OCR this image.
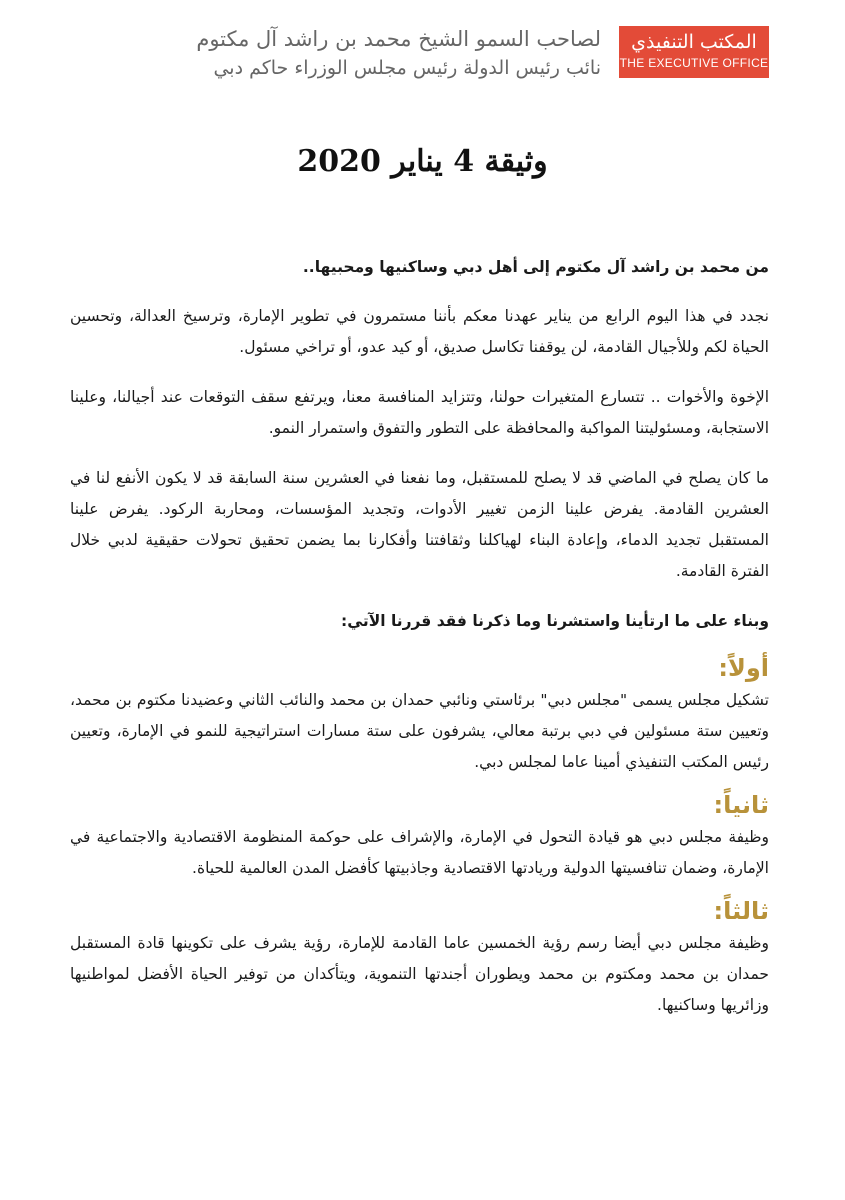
المكتب التنفيذي
THE EXECUTIVE OFFICE
لصاحب السمو الشيخ محمد بن راشد آل مكتوم
نائب رئيس الدولة رئيس مجلس الوزراء حاكم دبي
وثيقة 4 يناير 2020

من محمد بن راشد آل مكتوم إلى أهل دبي وساكنيها ومحبيها..

نجدد في هذا اليوم الرابع من يناير عهدنا معكم بأننا مستمرون في تطوير الإمارة، وترسيخ العدالة، وتحسين الحياة لكم وللأجيال القادمة، لن يوقفنا تكاسل صديق، أو كيد عدو، أو تراخي مسئول.

الإخوة والأخوات .. تتسارع المتغيرات حولنا، وتتزايد المنافسة معنا، ويرتفع سقف التوقعات عند أجيالنا، وعلينا الاستجابة، ومسئوليتنا المواكبة والمحافظة على التطور والتفوق واستمرار النمو.

ما كان يصلح في الماضي قد لا يصلح للمستقبل، وما نفعنا في العشرين سنة السابقة قد لا يكون الأنفع لنا في العشرين القادمة. يفرض علينا الزمن تغيير الأدوات، وتجديد المؤسسات، ومحاربة الركود. يفرض علينا المستقبل تجديد الدماء، وإعادة البناء لهياكلنا وثقافتنا وأفكارنا بما يضمن تحقيق تحولات حقيقية لدبي خلال الفترة القادمة.

وبناء على ما ارتأينا واستشرنا وما ذكرنا فقد قررنا الآتي:

أولاً:

تشكيل مجلس يسمى "مجلس دبي" برئاستي ونائبي حمدان بن محمد والنائب الثاني وعضيدنا مكتوم بن محمد، وتعيين ستة مسئولين في دبي برتبة معالي، يشرفون على ستة مسارات استراتيجية للنمو في الإمارة، وتعيين رئيس المكتب التنفيذي أمينا عاما لمجلس دبي.

ثانياً:

وظيفة مجلس دبي هو قيادة التحول في الإمارة، والإشراف على حوكمة المنظومة الاقتصادية والاجتماعية في الإمارة، وضمان تنافسيتها الدولية وريادتها الاقتصادية وجاذبيتها كأفضل المدن العالمية للحياة.

ثالثاً:

وظيفة مجلس دبي أيضا رسم رؤية الخمسين عاما القادمة للإمارة، رؤية يشرف على تكوينها قادة المستقبل حمدان بن محمد ومكتوم بن محمد ويطوران أجندتها التنموية، ويتأكدان من توفير الحياة الأفضل لمواطنيها وزائريها وساكنيها.
